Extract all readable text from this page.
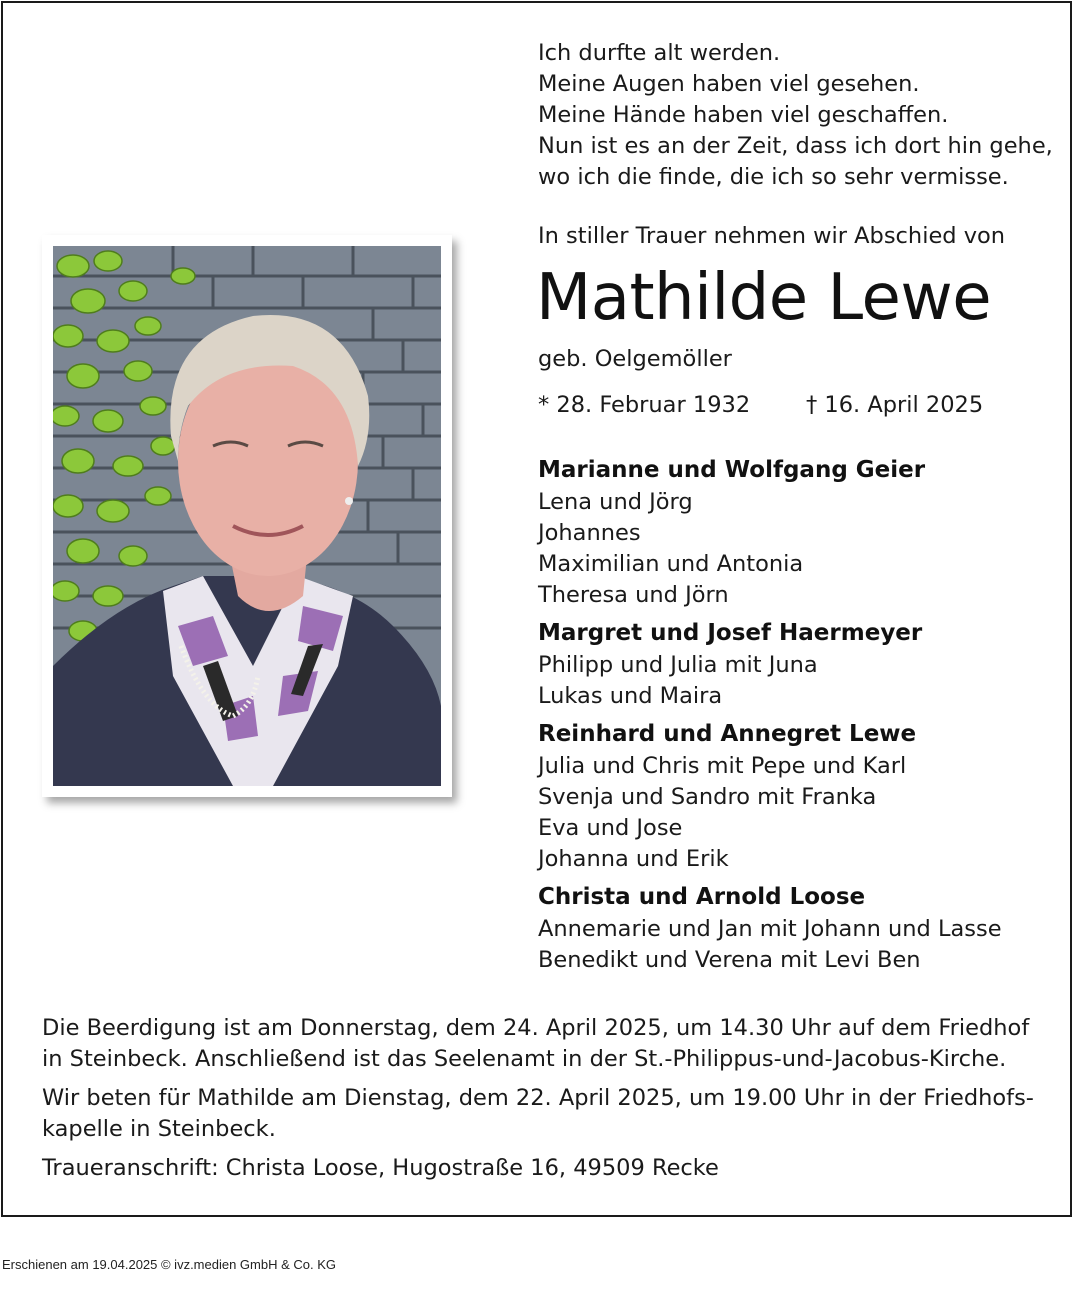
Ich durfte alt werden.
Meine Augen haben viel gesehen.
Meine Hände haben viel geschaffen.
Nun ist es an der Zeit, dass ich dort hin gehe,
wo ich die finde, die ich so sehr vermisse.
In stiller Trauer nehmen wir Abschied von
Mathilde Lewe
geb. Oelgemöller
* 28. Februar 1932 † 16. April 2025
Marianne und Wolfgang Geier
Lena und Jörg
Johannes
Maximilian und Antonia
Theresa und Jörn
Margret und Josef Haermeyer
Philipp und Julia mit Juna
Lukas und Maira
Reinhard und Annegret Lewe
Julia und Chris mit Pepe und Karl
Svenja und Sandro mit Franka
Eva und Jose
Johanna und Erik
Christa und Arnold Loose
Annemarie und Jan mit Johann und Lasse
Benedikt und Verena mit Levi Ben

Die Beerdigung ist am Donnerstag, dem 24. April 2025, um 14.30 Uhr auf dem Friedhof in Steinbeck. Anschließend ist das Seelenamt in der St.-Philippus-und-Jacobus-Kirche.

Wir beten für Mathilde am Dienstag, dem 22. April 2025, um 19.00 Uhr in der Friedhofs-kapelle in Steinbeck.

Traueranschrift: Christa Loose, Hugostraße 16, 49509 Recke

Erschienen am 19.04.2025 © ivz.medien GmbH & Co. KG
